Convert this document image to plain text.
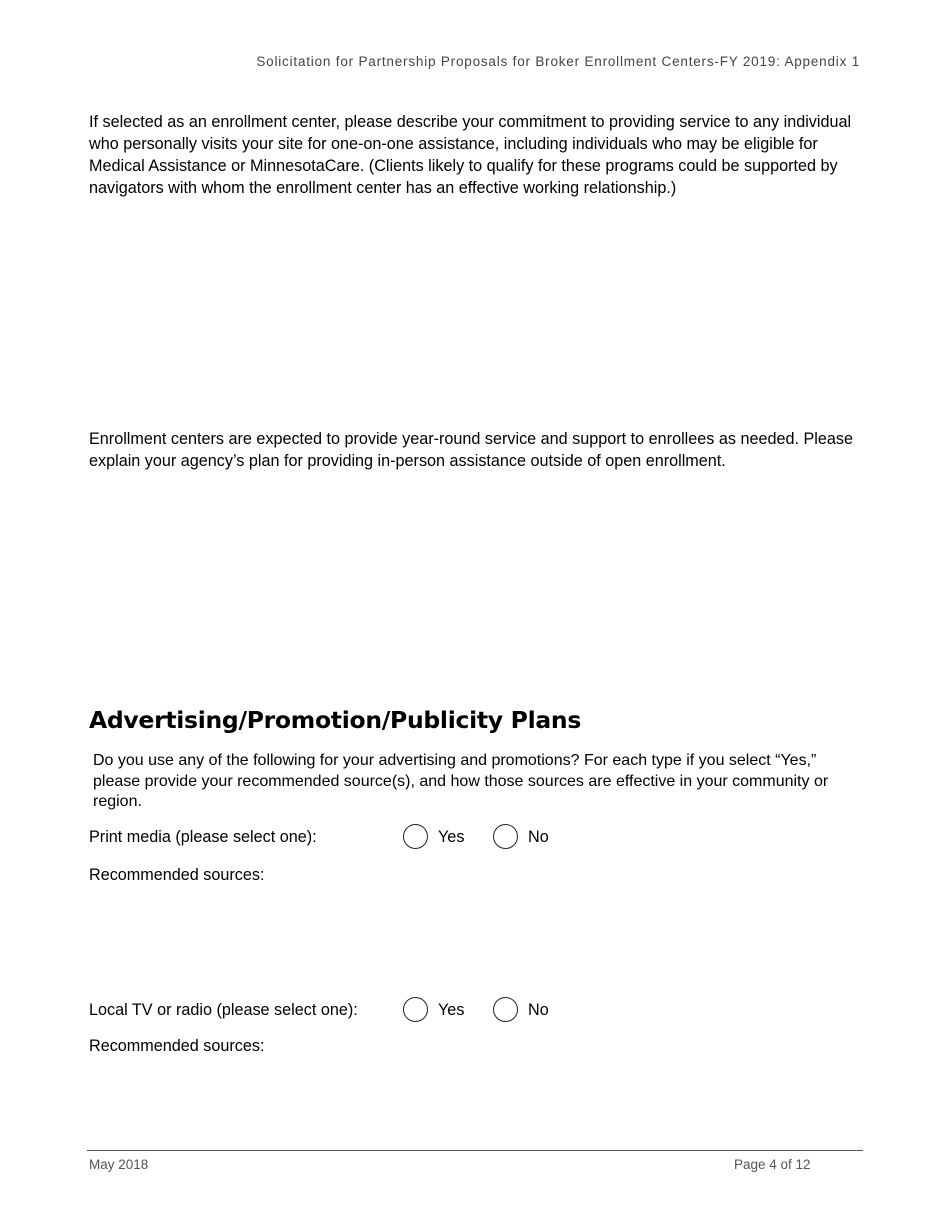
Solicitation for Partnership Proposals for Broker Enrollment Centers-FY 2019: Appendix 1

If selected as an enrollment center, please describe your commitment to providing service to any individual who personally visits your site for one-on-one assistance, including individuals who may be eligible for Medical Assistance or MinnesotaCare. (Clients likely to qualify for these programs could be supported by navigators with whom the enrollment center has an effective working relationship.)

Enrollment centers are expected to provide year-round service and support to enrollees as needed. Please explain your agency’s plan for providing in-person assistance outside of open enrollment.

Advertising/Promotion/Publicity Plans

Do you use any of the following for your advertising and promotions? For each type if you select “Yes,” please provide your recommended source(s), and how those sources are effective in your community or region.

Print media (please select one):	Yes	No
Recommended sources:
Local TV or radio (please select one):	Yes	No
Recommended sources:
May 2018	Page 4 of 12
